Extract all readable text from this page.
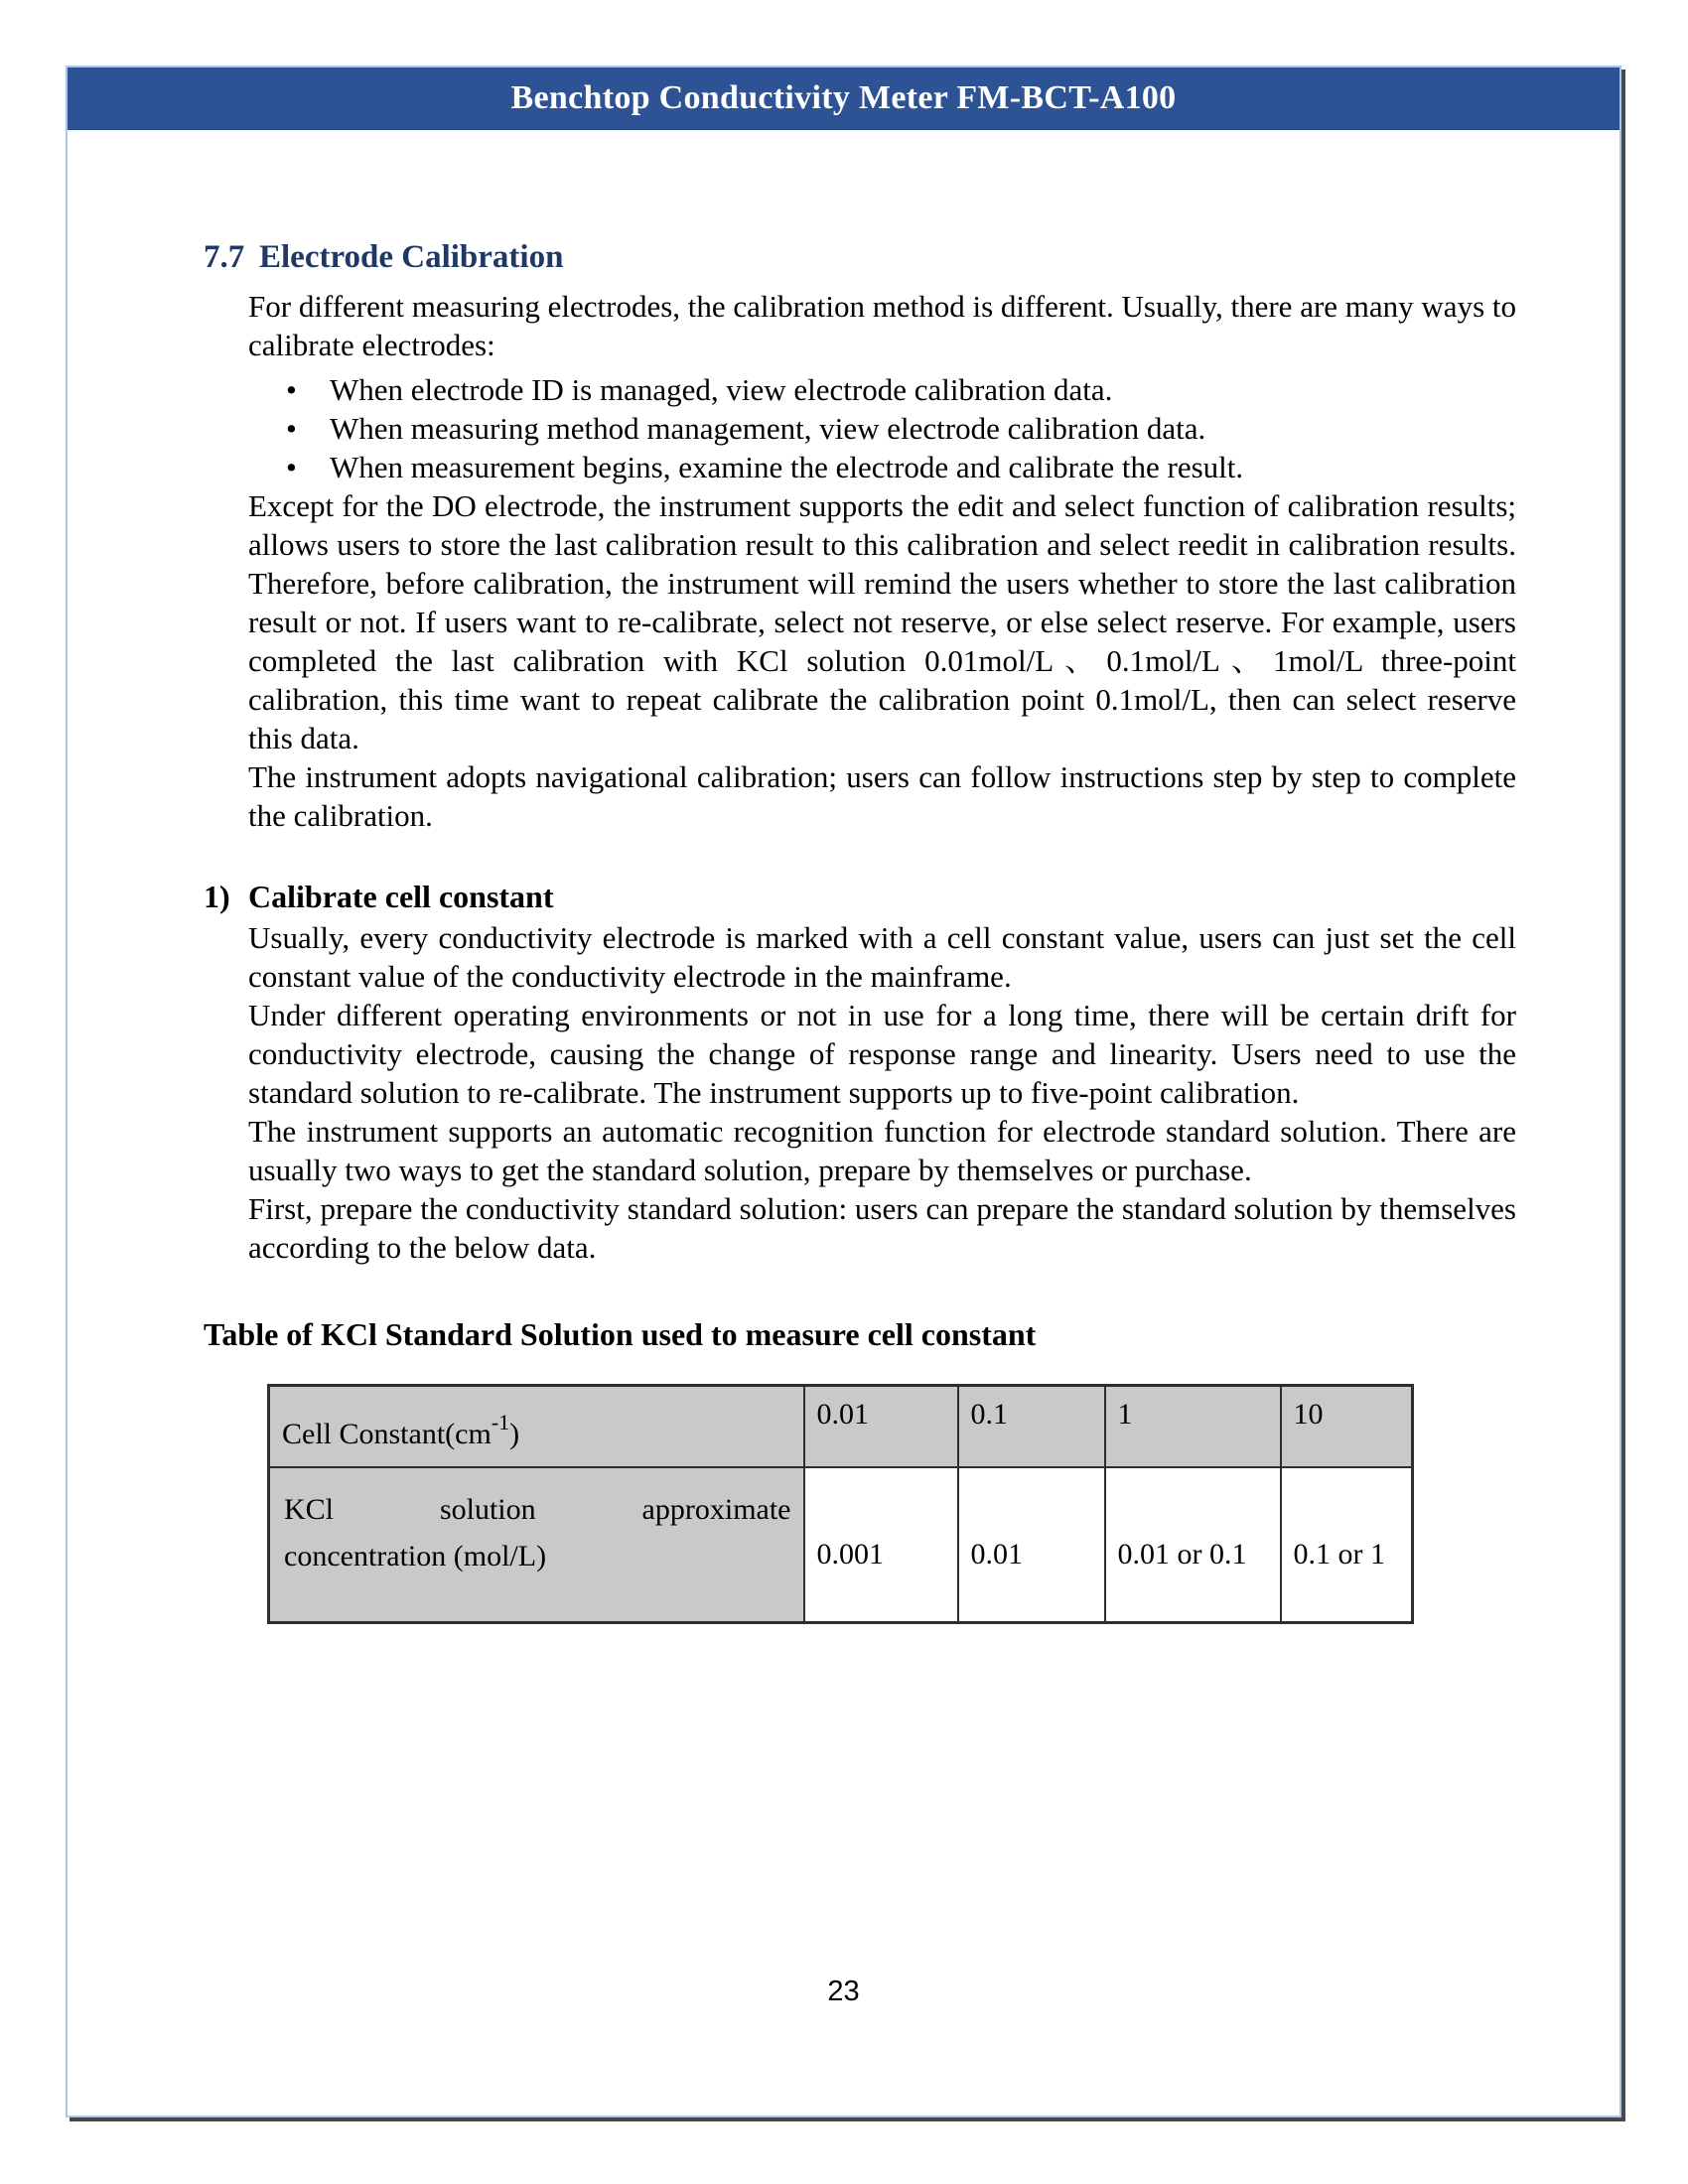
Benchtop Conductivity Meter FM-BCT-A100
7.7 Electrode Calibration

For different measuring electrodes, the calibration method is different. Usually, there are many ways to calibrate electrodes:

• When electrode ID is managed, view electrode calibration data.
• When measuring method management, view electrode calibration data.
• When measurement begins, examine the electrode and calibrate the result.

Except for the DO electrode, the instrument supports the edit and select function of calibration results; allows users to store the last calibration result to this calibration and select reedit in calibration results. Therefore, before calibration, the instrument will remind the users whether to store the last calibration result or not. If users want to re-calibrate, select not reserve, or else select reserve. For example, users completed the last calibration with KCl solution 0.01mol/L、0.1mol/L、1mol/L three-point calibration, this time want to repeat calibrate the calibration point 0.1mol/L, then can select reserve this data.

The instrument adopts navigational calibration; users can follow instructions step by step to complete the calibration.

1) Calibrate cell constant

Usually, every conductivity electrode is marked with a cell constant value, users can just set the cell constant value of the conductivity electrode in the mainframe.

Under different operating environments or not in use for a long time, there will be certain drift for conductivity electrode, causing the change of response range and linearity. Users need to use the standard solution to re-calibrate. The instrument supports up to five-point calibration.

The instrument supports an automatic recognition function for electrode standard solution. There are usually two ways to get the standard solution, prepare by themselves or purchase.

First, prepare the conductivity standard solution: users can prepare the standard solution by themselves according to the below data.

Table of KCl Standard Solution used to measure cell constant
Cell $Constant(cm^{-1})$	0.01	0.1	1	10

KCl solution approximate
concentration (mol/L)	0.001	0.01	0.01 or 0.1	0.1 or 1
23
